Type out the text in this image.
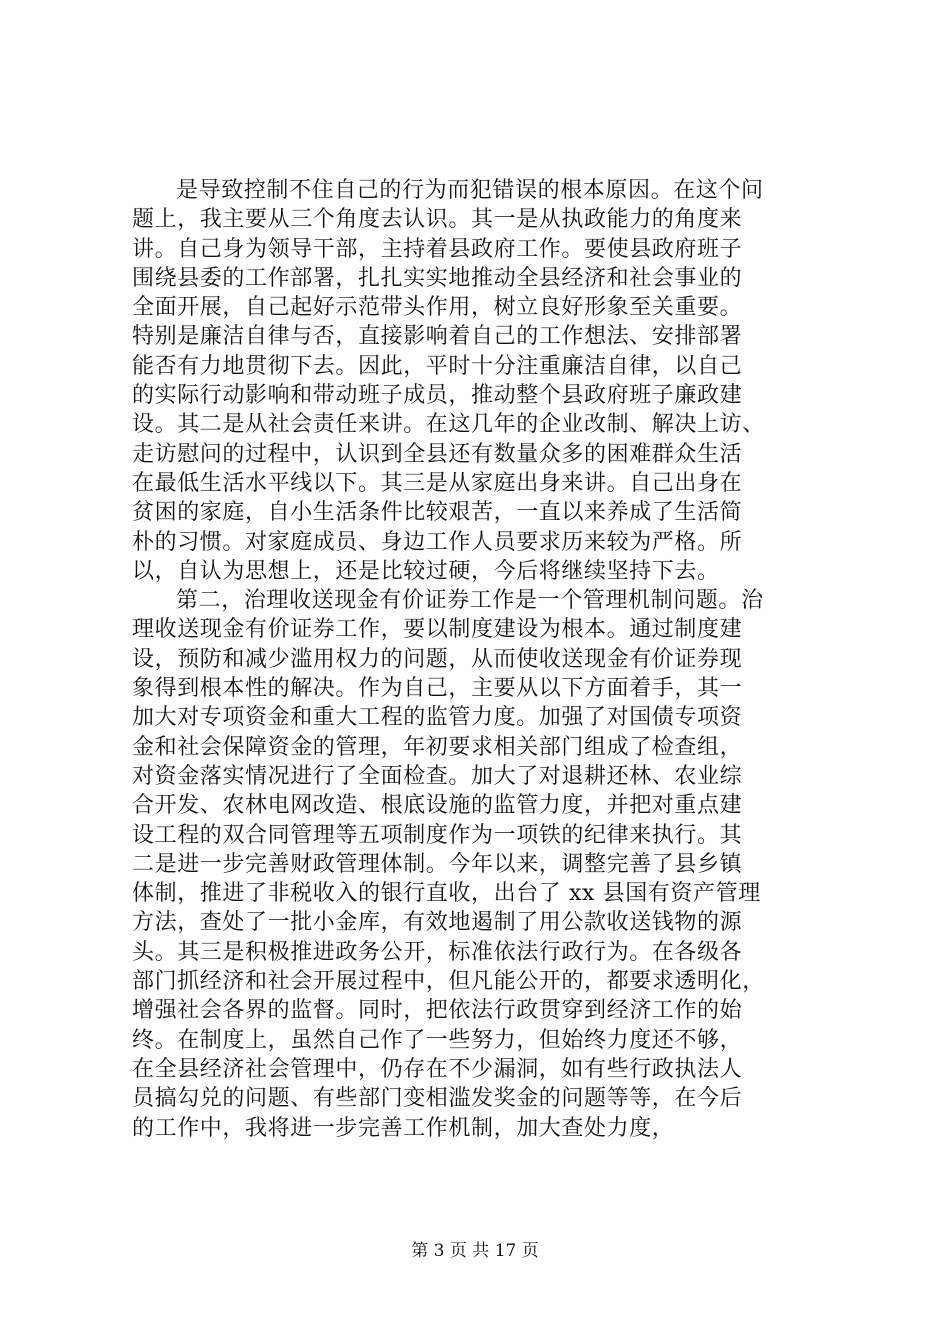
是导致控制不住自己的行为而犯错误的根本原因。在这个问
题上，我主要从三个角度去认识。其一是从执政能力的角度来
讲。自己身为领导干部，主持着县政府工作。要使县政府班子
围绕县委的工作部署，扎扎实实地推动全县经济和社会事业的
全面开展，自己起好示范带头作用，树立良好形象至关重要。
特别是廉洁自律与否，直接影响着自己的工作想法、安排部署
能否有力地贯彻下去。因此，平时十分注重廉洁自律，以自己
的实际行动影响和带动班子成员，推动整个县政府班子廉政建
设。其二是从社会责任来讲。在这几年的企业改制、解决上访、
走访慰问的过程中，认识到全县还有数量众多的困难群众生活
在最低生活水平线以下。其三是从家庭出身来讲。自己出身在
贫困的家庭，自小生活条件比较艰苦，一直以来养成了生活简
朴的习惯。对家庭成员、身边工作人员要求历来较为严格。所
以，自认为思想上，还是比较过硬，今后将继续坚持下去。
第二，治理收送现金有价证券工作是一个管理机制问题。治
理收送现金有价证券工作，要以制度建设为根本。通过制度建
设，预防和减少滥用权力的问题，从而使收送现金有价证券现
象得到根本性的解决。作为自己，主要从以下方面着手，其一
加大对专项资金和重大工程的监管力度。加强了对国债专项资
金和社会保障资金的管理，年初要求相关部门组成了检查组，
对资金落实情况进行了全面检查。加大了对退耕还林、农业综
合开发、农林电网改造、根底设施的监管力度，并把对重点建
设工程的双合同管理等五项制度作为一项铁的纪律来执行。其
二是进一步完善财政管理体制。今年以来，调整完善了县乡镇
体制，推进了非税收入的银行直收，出台了 xx 县国有资产管理
方法，查处了一批小金库，有效地遏制了用公款收送钱物的源
头。其三是积极推进政务公开，标准依法行政行为。在各级各
部门抓经济和社会开展过程中，但凡能公开的，都要求透明化，
增强社会各界的监督。同时，把依法行政贯穿到经济工作的始
终。在制度上，虽然自己作了一些努力，但始终力度还不够，
在全县经济社会管理中，仍存在不少漏洞，如有些行政执法人
员搞勾兑的问题、有些部门变相滥发奖金的问题等等，在今后
的工作中，我将进一步完善工作机制，加大查处力度，
第 3 页 共 17 页
